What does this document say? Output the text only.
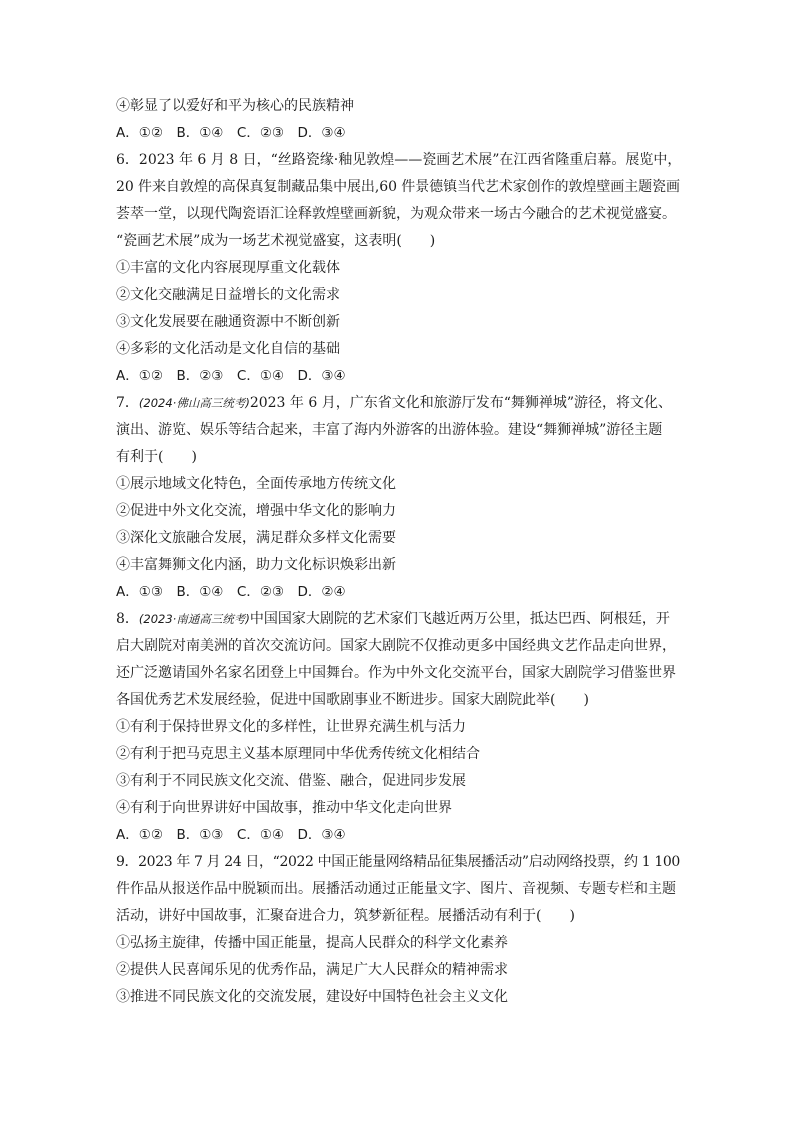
④彰显了以爱好和平为核心的民族精神
A．①②　B．①④　C．②③　D．③④
6．2023 年 6 月 8 日，“丝路瓷缘·釉见敦煌——瓷画艺术展”在江西省隆重启幕。展览中，
20 件来自敦煌的高保真复制藏品集中展出,60 件景德镇当代艺术家创作的敦煌壁画主题瓷画
荟萃一堂，以现代陶瓷语汇诠释敦煌壁画新貌，为观众带来一场古今融合的艺术视觉盛宴。
“瓷画艺术展”成为一场艺术视觉盛宴，这表明(　　)
①丰富的文化内容展现厚重文化载体
②文化交融满足日益增长的文化需求
③文化发展要在融通资源中不断创新
④多彩的文化活动是文化自信的基础
A．①②　B．②③　C．①④　D．③④
7．(2024·佛山高三统考)2023 年 6 月，广东省文化和旅游厅发布“舞狮禅城”游径，将文化、
演出、游览、娱乐等结合起来，丰富了海内外游客的出游体验。建设“舞狮禅城”游径主题
有利于(　　)
①展示地域文化特色，全面传承地方传统文化
②促进中外文化交流，增强中华文化的影响力
③深化文旅融合发展，满足群众多样文化需要
④丰富舞狮文化内涵，助力文化标识焕彩出新
A．①③　B．①④　C．②③　D．②④
8．(2023·南通高三统考)中国国家大剧院的艺术家们飞越近两万公里，抵达巴西、阿根廷，开
启大剧院对南美洲的首次交流访问。国家大剧院不仅推动更多中国经典文艺作品走向世界，
还广泛邀请国外名家名团登上中国舞台。作为中外文化交流平台，国家大剧院学习借鉴世界
各国优秀艺术发展经验，促进中国歌剧事业不断进步。国家大剧院此举(　　)
①有利于保持世界文化的多样性，让世界充满生机与活力
②有利于把马克思主义基本原理同中华优秀传统文化相结合
③有利于不同民族文化交流、借鉴、融合，促进同步发展
④有利于向世界讲好中国故事，推动中华文化走向世界
A．①②　B．①③　C．①④　D．③④
9．2023 年 7 月 24 日，“2022 中国正能量网络精品征集展播活动”启动网络投票，约 1 100
件作品从报送作品中脱颖而出。展播活动通过正能量文字、图片、音视频、专题专栏和主题
活动，讲好中国故事，汇聚奋进合力，筑梦新征程。展播活动有利于(　　)
①弘扬主旋律，传播中国正能量，提高人民群众的科学文化素养
②提供人民喜闻乐见的优秀作品，满足广大人民群众的精神需求
③推进不同民族文化的交流发展，建设好中国特色社会主义文化
